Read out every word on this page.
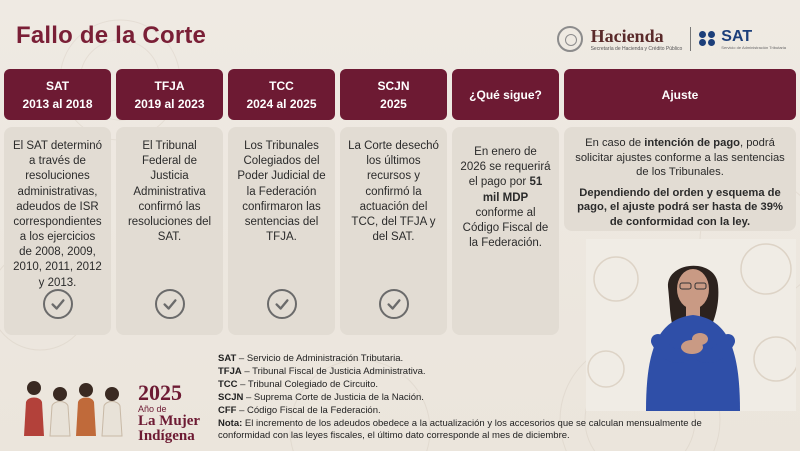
Fallo de la Corte	Hacienda
Secretaría de Hacienda y Crédito Público
SAT
Servicio de Administración Tributaria
SAT
2013 al 2018
TFJA
2019 al 2023
TCC
2024 al 2025
SCJN
2025
¿Qué sigue?	Ajuste
El SAT determinó a través de resoluciones administrativas, adeudos de ISR correspondientes a los ejercicios de 2008, 2009, 2010, 2011, 2012 y 2013.
El Tribunal Federal de Justicia Administrativa confirmó las resoluciones del SAT.
Los Tribunales Colegiados del Poder Judicial de la Federación confirmaron las sentencias del TFJA.
La Corte desechó los últimos recursos y confirmó la actuación del TCC, del TFJA y del SAT.
En enero de 2026 se requerirá el pago por 51 mil MDP conforme al Código Fiscal de la Federación.
En caso de intención de pago, podrá solicitar ajustes conforme a las sentencias de los Tribunales.
Dependiendo del orden y esquema de pago, el ajuste podrá ser hasta de 39% de conformidad con la ley.
SAT – Servicio de Administración Tributaria.
TFJA – Tribunal Fiscal de Justicia Administrativa.
TCC – Tribunal Colegiado de Circuito.
SCJN – Suprema Corte de Justicia de la Nación.
CFF – Código Fiscal de la Federación.
Nota: El incremento de los adeudos obedece a la actualización y los accesorios que se calculan mensualmente de conformidad con las leyes fiscales, el último dato corresponde al mes de diciembre.
2025
Año de
La Mujer
Indígena
